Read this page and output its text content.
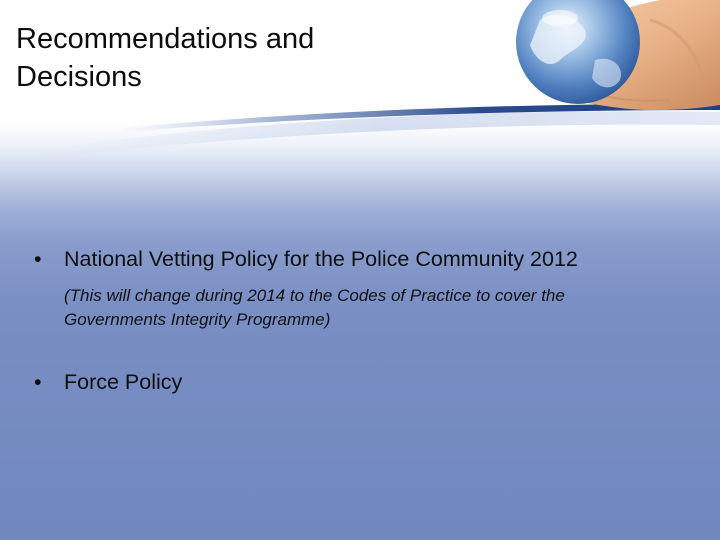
Recommendations and
Decisions
•	National Vetting Policy for the Police Community 2012
(This will change during 2014 to the Codes of Practice to cover the
Governments Integrity Programme)
•	Force Policy
